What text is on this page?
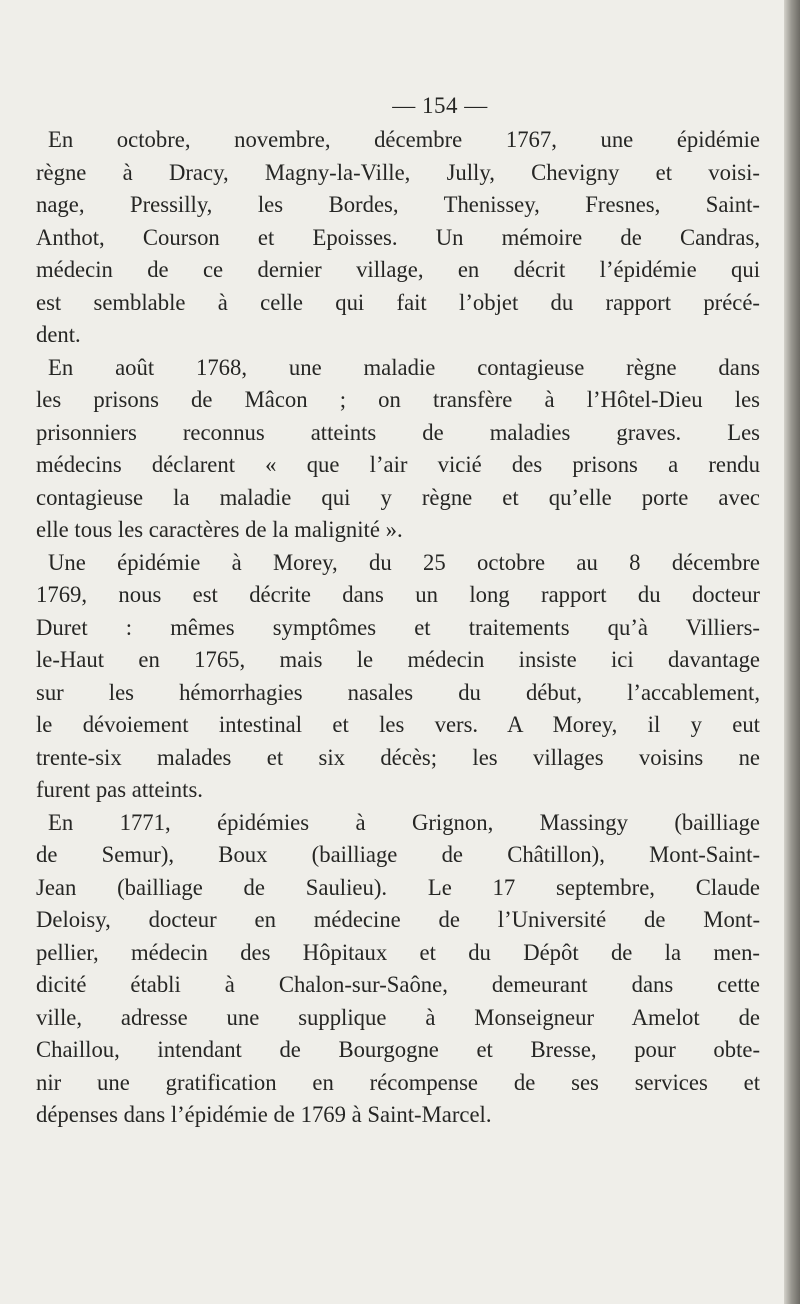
— 154 —
En octobre, novembre, décembre 1767, une épidémie
règne à Dracy, Magny-la-Ville, Jully, Chevigny et voisi-
nage, Pressilly, les Bordes, Thenissey, Fresnes, Saint-
Anthot, Courson et Epoisses. Un mémoire de Candras,
médecin de ce dernier village, en décrit l’épidémie qui
est semblable à celle qui fait l’objet du rapport précé-
dent.
En août 1768, une maladie contagieuse règne dans
les prisons de Mâcon ; on transfère à l’Hôtel-Dieu les
prisonniers reconnus atteints de maladies graves. Les
médecins déclarent « que l’air vicié des prisons a rendu
contagieuse la maladie qui y règne et qu’elle porte avec
elle tous les caractères de la malignité ».
Une épidémie à Morey, du 25 octobre au 8 décembre
1769, nous est décrite dans un long rapport du docteur
Duret : mêmes symptômes et traitements qu’à Villiers-
le-Haut en 1765, mais le médecin insiste ici davantage
sur les hémorrhagies nasales du début, l’accablement,
le dévoiement intestinal et les vers. A Morey, il y eut
trente-six malades et six décès; les villages voisins ne
furent pas atteints.
En 1771, épidémies à Grignon, Massingy (bailliage
de Semur), Boux (bailliage de Châtillon), Mont-Saint-
Jean (bailliage de Saulieu). Le 17 septembre, Claude
Deloisy, docteur en médecine de l’Université de Mont-
pellier, médecin des Hôpitaux et du Dépôt de la men-
dicité établi à Chalon-sur-Saône, demeurant dans cette
ville, adresse une supplique à Monseigneur Amelot de
Chaillou, intendant de Bourgogne et Bresse, pour obte-
nir une gratification en récompense de ses services et
dépenses dans l’épidémie de 1769 à Saint-Marcel.
